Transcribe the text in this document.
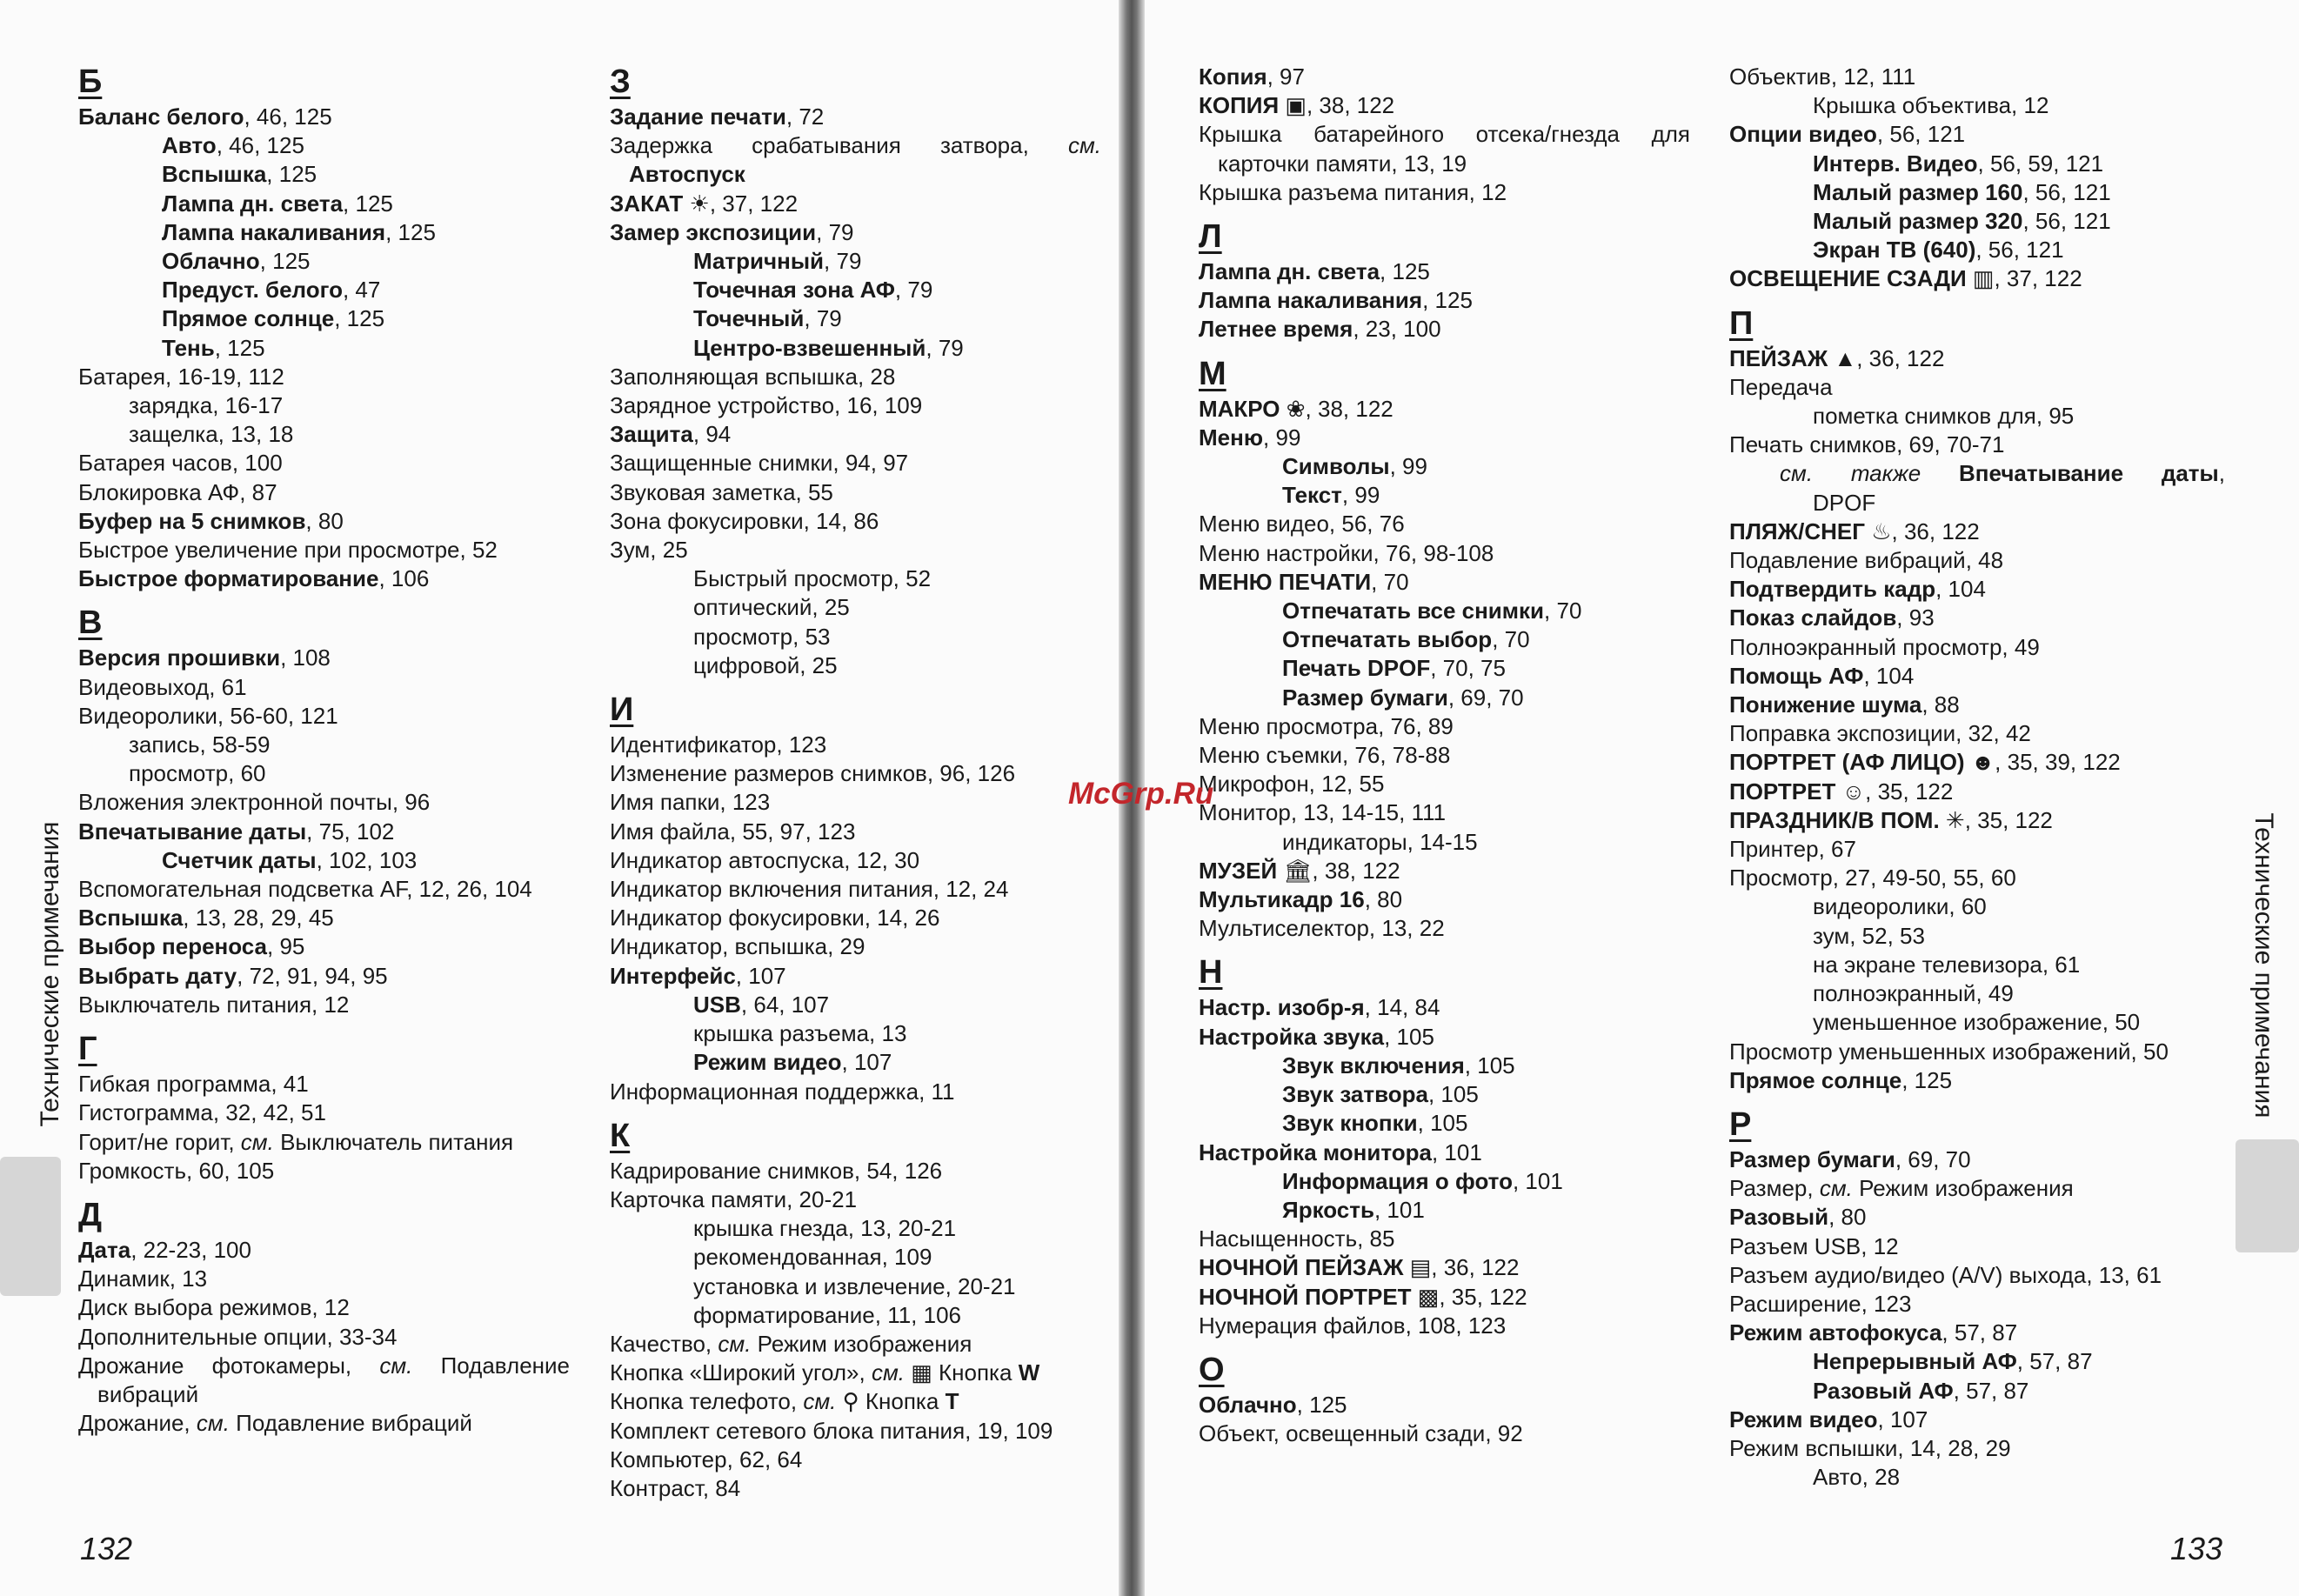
Б
Баланс белого, 46, 125
Авто, 46, 125
Вспышка, 125
Лампа дн. света, 125
Лампа накаливания, 125
Облачно, 125
Предуст. белого, 47
Прямое солнце, 125
Тень, 125
Батарея, 16-19, 112
зарядка, 16-17
защелка, 13, 18
Батарея часов, 100
Блокировка АФ, 87
Буфер на 5 снимков, 80
Быстрое увеличение при просмотре, 52
Быстрое форматирование, 106
В
Версия прошивки, 108
Видеовыход, 61
Видеоролики, 56-60, 121
запись, 58-59
просмотр, 60
Вложения электронной почты, 96
Впечатывание даты, 75, 102
Счетчик даты, 102, 103
Вспомогательная подсветка AF, 12, 26, 104
Вспышка, 13, 28, 29, 45
Выбор переноса, 95
Выбрать дату, 72, 91, 94, 95
Выключатель питания, 12
Г
Гибкая программа, 41
Гистограмма, 32, 42, 51
Горит/не горит, см. Выключатель питания
Громкость, 60, 105
Д
Дата, 22-23, 100
Динамик, 13
Диск выбора режимов, 12
Дополнительные опции, 33-34
Дрожание фотокамеры, см. Подавление
вибраций
Дрожание, см. Подавление вибраций
З
Задание печати, 72
Задержка срабатывания затвора, см.
Автоспуск
ЗАКАТ ☀, 37, 122
Замер экспозиции, 79
Матричный, 79
Точечная зона АФ, 79
Точечный, 79
Центро-взвешенный, 79
Заполняющая вспышка, 28
Зарядное устройство, 16, 109
Защита, 94
Защищенные снимки, 94, 97
Звуковая заметка, 55
Зона фокусировки, 14, 86
Зум, 25
Быстрый просмотр, 52
оптический, 25
просмотр, 53
цифровой, 25
И
Идентификатор, 123
Изменение размеров снимков, 96, 126
Имя папки, 123
Имя файла, 55, 97, 123
Индикатор автоспуска, 12, 30
Индикатор включения питания, 12, 24
Индикатор фокусировки, 14, 26
Индикатор, вспышка, 29
Интерфейс, 107
USB, 64, 107
крышка разъема, 13
Режим видео, 107
Информационная поддержка, 11
К
Кадрирование снимков, 54, 126
Карточка памяти, 20-21
крышка гнезда, 13, 20-21
рекомендованная, 109
установка и извлечение, 20-21
форматирование, 11, 106
Качество, см. Режим изображения
Кнопка «Широкий угол», см. ▦ Кнопка W
Кнопка телефото, см. ⚲ Кнопка T
Комплект сетевого блока питания, 19, 109
Компьютер, 62, 64
Контраст, 84
Копия, 97
КОПИЯ ▣, 38, 122
Крышка батарейного отсека/гнезда для
карточки памяти, 13, 19
Крышка разъема питания, 12
Л
Лампа дн. света, 125
Лампа накаливания, 125
Летнее время, 23, 100
М
МАКРО ❀, 38, 122
Меню, 99
Символы, 99
Текст, 99
Меню видео, 56, 76
Меню настройки, 76, 98-108
МЕНЮ ПЕЧАТИ, 70
Отпечатать все снимки, 70
Отпечатать выбор, 70
Печать DPOF, 70, 75
Размер бумаги, 69, 70
Меню просмотра, 76, 89
Меню съемки, 76, 78-88
Микрофон, 12, 55
Монитор, 13, 14-15, 111
индикаторы, 14-15
МУЗЕЙ 🏛, 38, 122
Мультикадр 16, 80
Мультиселектор, 13, 22
Н
Настр. изобр-я, 14, 84
Настройка звука, 105
Звук включения, 105
Звук затвора, 105
Звук кнопки, 105
Настройка монитора, 101
Информация о фото, 101
Яркость, 101
Насыщенность, 85
НОЧНОЙ ПЕЙЗАЖ ▤, 36, 122
НОЧНОЙ ПОРТРЕТ ▩, 35, 122
Нумерация файлов, 108, 123
О
Облачно, 125
Объект, освещенный сзади, 92
Объектив, 12, 111
Крышка объектива, 12
Опции видео, 56, 121
Интерв. Видео, 56, 59, 121
Малый размер 160, 56, 121
Малый размер 320, 56, 121
Экран ТВ (640), 56, 121
ОСВЕЩЕНИЕ СЗАДИ ▥, 37, 122
П
ПЕЙЗАЖ ▲, 36, 122
Передача
пометка снимков для, 95
Печать снимков, 69, 70-71
см. также Впечатывание даты,
DPOF
ПЛЯЖ/СНЕГ ♨, 36, 122
Подавление вибраций, 48
Подтвердить кадр, 104
Показ слайдов, 93
Полноэкранный просмотр, 49
Помощь АФ, 104
Понижение шума, 88
Поправка экспозиции, 32, 42
ПОРТРЕТ (АФ ЛИЦО) ☻, 35, 39, 122
ПОРТРЕТ ☺, 35, 122
ПРАЗДНИК/В ПОМ. ✳, 35, 122
Принтер, 67
Просмотр, 27, 49-50, 55, 60
видеоролики, 60
зум, 52, 53
на экране телевизора, 61
полноэкранный, 49
уменьшенное изображение, 50
Просмотр уменьшенных изображений, 50
Прямое солнце, 125
Р
Размер бумаги, 69, 70
Размер, см. Режим изображения
Разовый, 80
Разъем USB, 12
Разъем аудио/видео (A/V) выхода, 13, 61
Расширение, 123
Режим автофокуса, 57, 87
Непрерывный АФ, 57, 87
Разовый АФ, 57, 87
Режим видео, 107
Режим вспышки, 14, 28, 29
Авто, 28
132	133
Технические примечания	Технические примечания
McGrp.Ru
